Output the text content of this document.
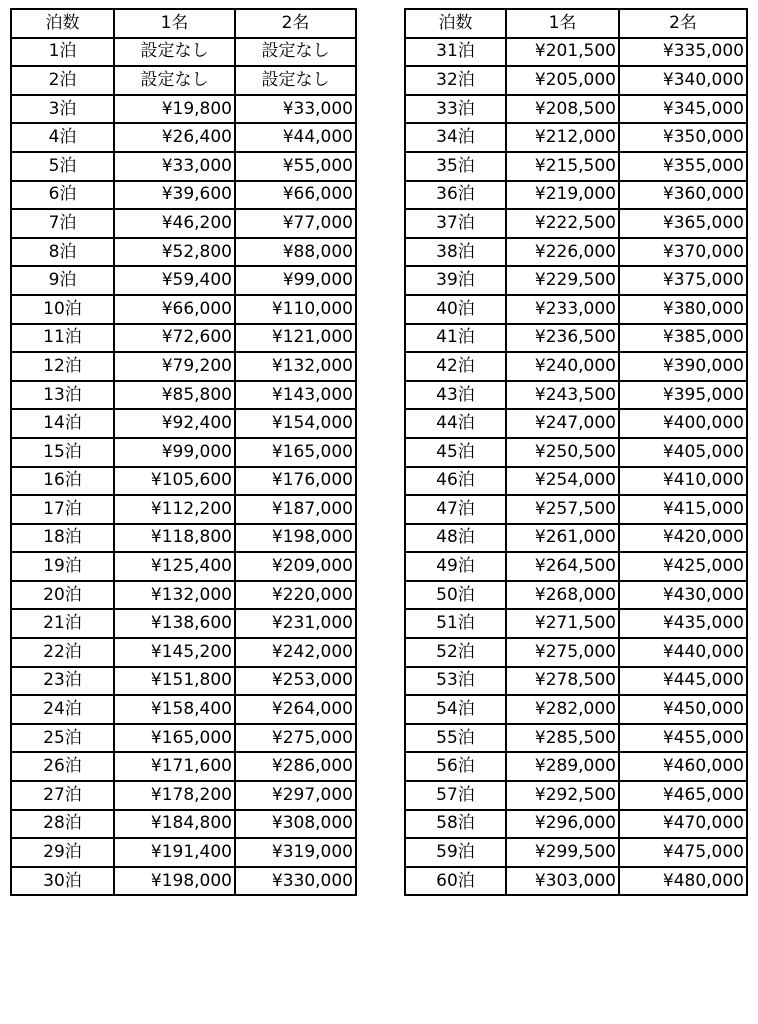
泊数	1名	2名
1泊	設定なし	設定なし
2泊	設定なし	設定なし
3泊	¥19,800	¥33,000
4泊	¥26,400	¥44,000
5泊	¥33,000	¥55,000
6泊	¥39,600	¥66,000
7泊	¥46,200	¥77,000
8泊	¥52,800	¥88,000
9泊	¥59,400	¥99,000
10泊	¥66,000	¥110,000
11泊	¥72,600	¥121,000
12泊	¥79,200	¥132,000
13泊	¥85,800	¥143,000
14泊	¥92,400	¥154,000
15泊	¥99,000	¥165,000
16泊	¥105,600	¥176,000
17泊	¥112,200	¥187,000
18泊	¥118,800	¥198,000
19泊	¥125,400	¥209,000
20泊	¥132,000	¥220,000
21泊	¥138,600	¥231,000
22泊	¥145,200	¥242,000
23泊	¥151,800	¥253,000
24泊	¥158,400	¥264,000
25泊	¥165,000	¥275,000
26泊	¥171,600	¥286,000
27泊	¥178,200	¥297,000
28泊	¥184,800	¥308,000
29泊	¥191,400	¥319,000
30泊	¥198,000	¥330,000
泊数	1名	2名
31泊	¥201,500	¥335,000
32泊	¥205,000	¥340,000
33泊	¥208,500	¥345,000
34泊	¥212,000	¥350,000
35泊	¥215,500	¥355,000
36泊	¥219,000	¥360,000
37泊	¥222,500	¥365,000
38泊	¥226,000	¥370,000
39泊	¥229,500	¥375,000
40泊	¥233,000	¥380,000
41泊	¥236,500	¥385,000
42泊	¥240,000	¥390,000
43泊	¥243,500	¥395,000
44泊	¥247,000	¥400,000
45泊	¥250,500	¥405,000
46泊	¥254,000	¥410,000
47泊	¥257,500	¥415,000
48泊	¥261,000	¥420,000
49泊	¥264,500	¥425,000
50泊	¥268,000	¥430,000
51泊	¥271,500	¥435,000
52泊	¥275,000	¥440,000
53泊	¥278,500	¥445,000
54泊	¥282,000	¥450,000
55泊	¥285,500	¥455,000
56泊	¥289,000	¥460,000
57泊	¥292,500	¥465,000
58泊	¥296,000	¥470,000
59泊	¥299,500	¥475,000
60泊	¥303,000	¥480,000
